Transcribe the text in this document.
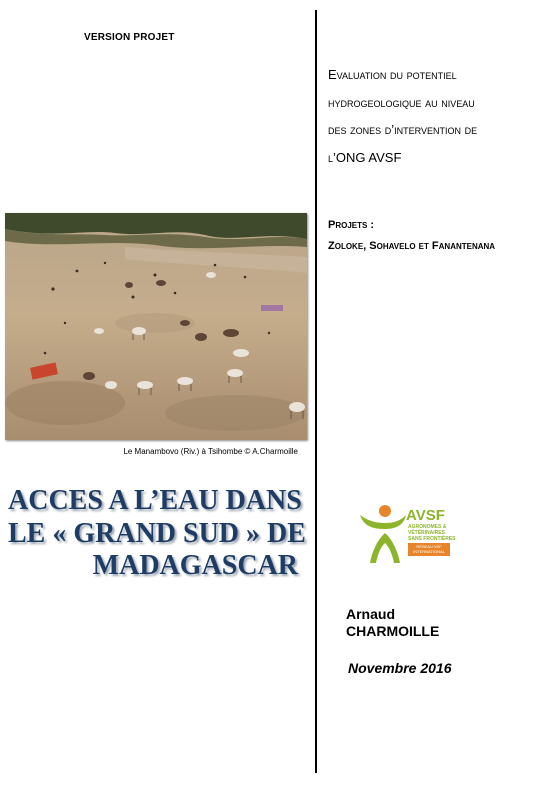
VERSION PROJET
Evaluation du potentiel
hydrogeologique au niveau
des zones d’intervention de
l’ONG AVSF
Projets :
Zoloke, Sohavelo et Fanantenana
Le Manambovo (Riv.) à Tsihombe © A.Charmoille
ACCES A L’EAU DANS
LE « GRAND SUD » DE
MADAGASCAR
AVSF
AGRONOMES &
VÉTÉRINAIRES
SANS FRONTIÈRES
RÉSEAU VSF
INTERNATIONAL
Arnaud
CHARMOILLE
Novembre 2016
